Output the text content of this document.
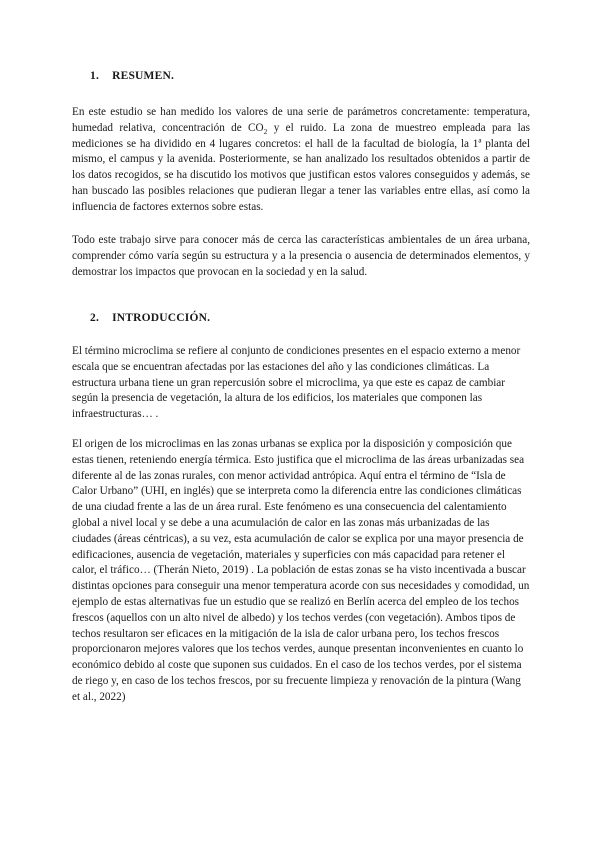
1. RESUMEN.
En este estudio se han medido los valores de una serie de parámetros concretamente: temperatura, humedad relativa, concentración de $CO_2$ y el ruido. La zona de muestreo empleada para las mediciones se ha dividido en 4 lugares concretos: el hall de la facultad de biología, la 1ª planta del mismo, el campus y la avenida. Posteriormente, se han analizado los resultados obtenidos a partir de los datos recogidos, se ha discutido los motivos que justifican estos valores conseguidos y además, se han buscado las posibles relaciones que pudieran llegar a tener las variables entre ellas, así como la influencia de factores externos sobre estas.
Todo este trabajo sirve para conocer más de cerca las características ambientales de un área urbana, comprender cómo varía según su estructura y a la presencia o ausencia de determinados elementos, y demostrar los impactos que provocan en la sociedad y en la salud.
2. INTRODUCCIÓN.
El término microclima se refiere al conjunto de condiciones presentes en el espacio externo a menor escala que se encuentran afectadas por las estaciones del año y las condiciones climáticas. La estructura urbana tiene un gran repercusión sobre el microclima, ya que este es capaz de cambiar según la presencia de vegetación, la altura de los edificios, los materiales que componen las infraestructuras… .
El origen de los microclimas en las zonas urbanas se explica por la disposición y composición que estas tienen, reteniendo energía térmica. Esto justifica que el microclima de las áreas urbanizadas sea diferente al de las zonas rurales, con menor actividad antrópica. Aquí entra el término de “Isla de Calor Urbano” (UHI, en inglés) que se interpreta como la diferencia entre las condiciones climáticas de una ciudad frente a las de un área rural. Este fenómeno es una consecuencia del calentamiento global a nivel local y se debe a una acumulación de calor en las zonas más urbanizadas de las ciudades (áreas céntricas), a su vez, esta acumulación de calor se explica por una mayor presencia de edificaciones, ausencia de vegetación, materiales y superficies con más capacidad para retener el calor, el tráfico… (Therán Nieto, 2019) . La población de estas zonas se ha visto incentivada a buscar distintas opciones para conseguir una menor temperatura acorde con sus necesidades y comodidad, un ejemplo de estas alternativas fue un estudio que se realizó en Berlín acerca del empleo de los techos frescos (aquellos con un alto nivel de albedo) y los techos verdes (con vegetación). Ambos tipos de techos resultaron ser eficaces en la mitigación de la isla de calor urbana pero, los techos frescos proporcionaron mejores valores que los techos verdes, aunque presentan inconvenientes en cuanto lo económico debido al coste que suponen sus cuidados. En el caso de los techos verdes, por el sistema de riego y, en caso de los techos frescos, por su frecuente limpieza y renovación de la pintura (Wang et al., 2022)
